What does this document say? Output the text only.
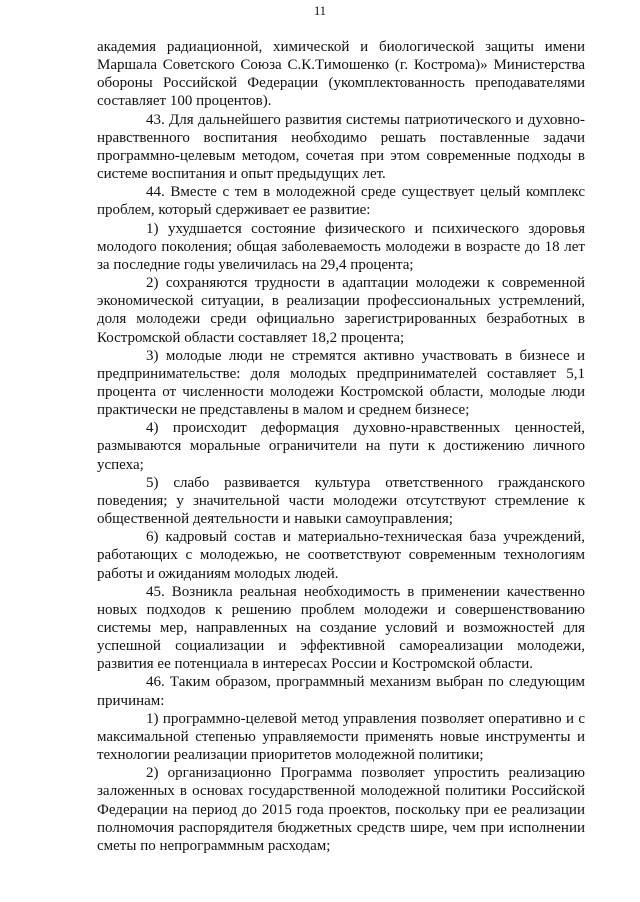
11

академия радиационной, химической и биологической защиты имени Маршала Советского Союза С.К.Тимошенко (г. Кострома)» Министерства обороны Российской Федерации (укомплектованность преподавателями составляет 100 процентов).

43. Для дальнейшего развития системы патриотического и духовно-нравственного воспитания необходимо решать поставленные задачи программно-целевым методом, сочетая при этом современные подходы в системе воспитания и опыт предыдущих лет.

44. Вместе с тем в молодежной среде существует целый комплекс проблем, который сдерживает ее развитие:

1) ухудшается состояние физического и психического здоровья молодого поколения; общая заболеваемость молодежи в возрасте до 18 лет за последние годы увеличилась на 29,4 процента;

2) сохраняются трудности в адаптации молодежи к современной экономической ситуации, в реализации профессиональных устремлений, доля молодежи среди официально зарегистрированных безработных в Костромской области составляет 18,2 процента;

3) молодые люди не стремятся активно участвовать в бизнесе и предпринимательстве: доля молодых предпринимателей составляет 5,1 процента от численности молодежи Костромской области, молодые люди практически не представлены в малом и среднем бизнесе;

4) происходит деформация духовно-нравственных ценностей, размываются моральные ограничители на пути к достижению личного успеха;

5) слабо развивается культура ответственного гражданского поведения; у значительной части молодежи отсутствуют стремление к общественной деятельности и навыки самоуправления;

6) кадровый состав и материально-техническая база учреждений, работающих с молодежью, не соответствуют современным технологиям работы и ожиданиям молодых людей.

45. Возникла реальная необходимость в применении качественно новых подходов к решению проблем молодежи и совершенствованию системы мер, направленных на создание условий и возможностей для успешной социализации и эффективной самореализации молодежи, развития ее потенциала в интересах России и Костромской области.

46. Таким образом, программный механизм выбран по следующим причинам:

1) программно-целевой метод управления позволяет оперативно и с максимальной степенью управляемости применять новые инструменты и технологии реализации приоритетов молодежной политики;

2) организационно Программа позволяет упростить реализацию заложенных в основах государственной молодежной политики Российской Федерации на период до 2015 года проектов, поскольку при ее реализации полномочия распорядителя бюджетных средств шире, чем при исполнении сметы по непрограммным расходам;
